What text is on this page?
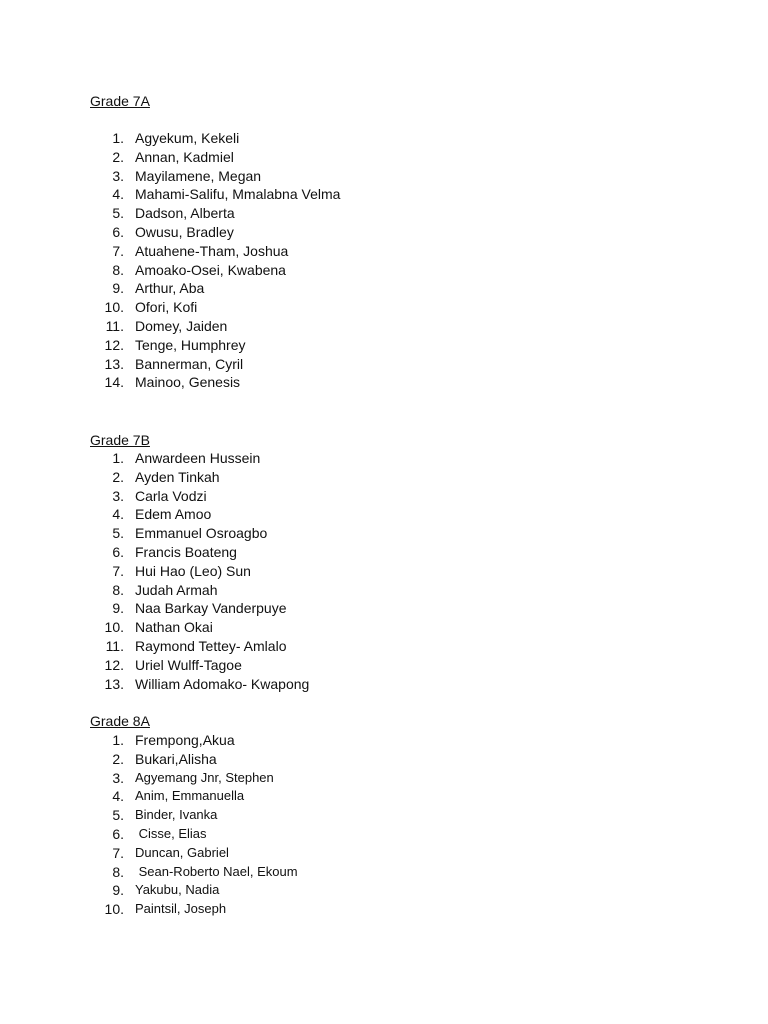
Grade 7A
1. Agyekum, Kekeli
2. Annan, Kadmiel
3. Mayilamene, Megan
4. Mahami-Salifu, Mmalabna Velma
5. Dadson, Alberta
6. Owusu, Bradley
7. Atuahene-Tham, Joshua
8. Amoako-Osei, Kwabena
9. Arthur, Aba
10. Ofori, Kofi
11. Domey, Jaiden
12. Tenge, Humphrey
13. Bannerman, Cyril
14. Mainoo, Genesis
Grade 7B
1. Anwardeen Hussein
2. Ayden Tinkah
3. Carla Vodzi
4. Edem Amoo
5. Emmanuel Osroagbo
6. Francis Boateng
7. Hui Hao (Leo) Sun
8. Judah Armah
9. Naa Barkay Vanderpuye
10. Nathan Okai
11. Raymond Tettey- Amlalo
12. Uriel Wulff-Tagoe
13. William Adomako- Kwapong
Grade 8A
1. Frempong,Akua
2. Bukari,Alisha
3. Agyemang Jnr, Stephen
4. Anim, Emmanuella
5. Binder, Ivanka
6. Cisse, Elias
7. Duncan, Gabriel
8. Sean-Roberto Nael, Ekoum
9. Yakubu, Nadia
10. Paintsil, Joseph
